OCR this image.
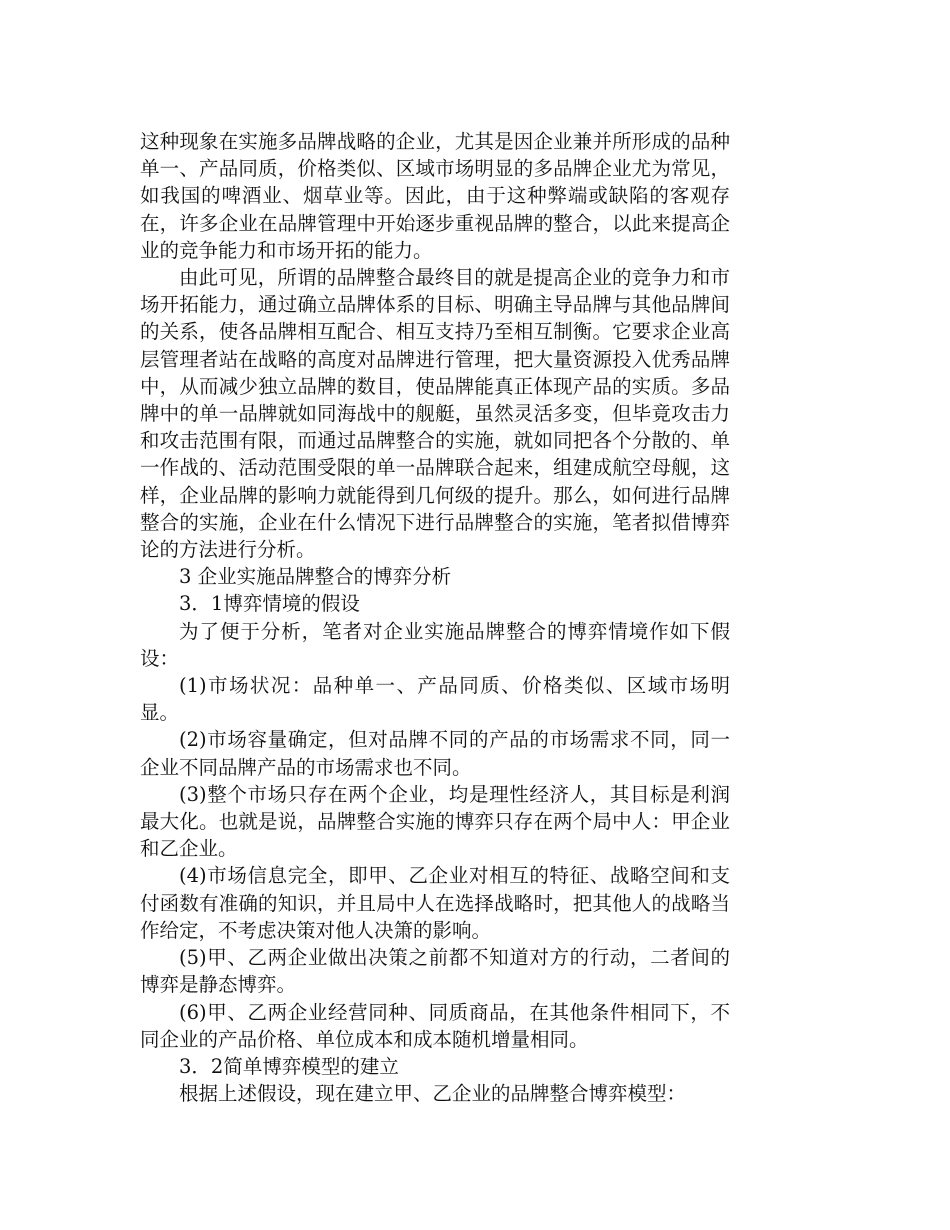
这种现象在实施多品牌战略的企业，尤其是因企业兼并所形成的品种单一、产品同质，价格类似、区域市场明显的多品牌企业尤为常见，如我国的啤酒业、烟草业等。因此，由于这种弊端或缺陷的客观存在，许多企业在品牌管理中开始逐步重视品牌的整合，以此来提高企业的竞争能力和市场开拓的能力。

由此可见，所谓的品牌整合最终目的就是提高企业的竞争力和市场开拓能力，通过确立品牌体系的目标、明确主导品牌与其他品牌间的关系，使各品牌相互配合、相互支持乃至相互制衡。它要求企业高层管理者站在战略的高度对品牌进行管理，把大量资源投入优秀品牌中，从而减少独立品牌的数目，使品牌能真正体现产品的实质。多品牌中的单一品牌就如同海战中的舰艇，虽然灵活多变，但毕竟攻击力和攻击范围有限，而通过品牌整合的实施，就如同把各个分散的、单一作战的、活动范围受限的单一品牌联合起来，组建成航空母舰，这样，企业品牌的影响力就能得到几何级的提升。那么，如何进行品牌整合的实施，企业在什么情况下进行品牌整合的实施，笔者拟借博弈论的方法进行分析。

3 企业实施品牌整合的博弈分析

3．1博弈情境的假设

为了便于分析，笔者对企业实施品牌整合的博弈情境作如下假设：

(1)市场状况：品种单一、产品同质、价格类似、区域市场明显。

(2)市场容量确定，但对品牌不同的产品的市场需求不同，同一企业不同品牌产品的市场需求也不同。

(3)整个市场只存在两个企业，均是理性经济人，其目标是利润最大化。也就是说，品牌整合实施的博弈只存在两个局中人：甲企业和乙企业。

(4)市场信息完全，即甲、乙企业对相互的特征、战略空间和支付函数有准确的知识，并且局中人在选择战略时，把其他人的战略当作给定，不考虑决策对他人决箫的影响。

(5)甲、乙两企业做出决策之前都不知道对方的行动，二者间的博弈是静态博弈。

(6)甲、乙两企业经营同种、同质商品，在其他条件相同下，不同企业的产品价格、单位成本和成本随机增量相同。

3．2简单博弈模型的建立

根据上述假设，现在建立甲、乙企业的品牌整合博弈模型：
